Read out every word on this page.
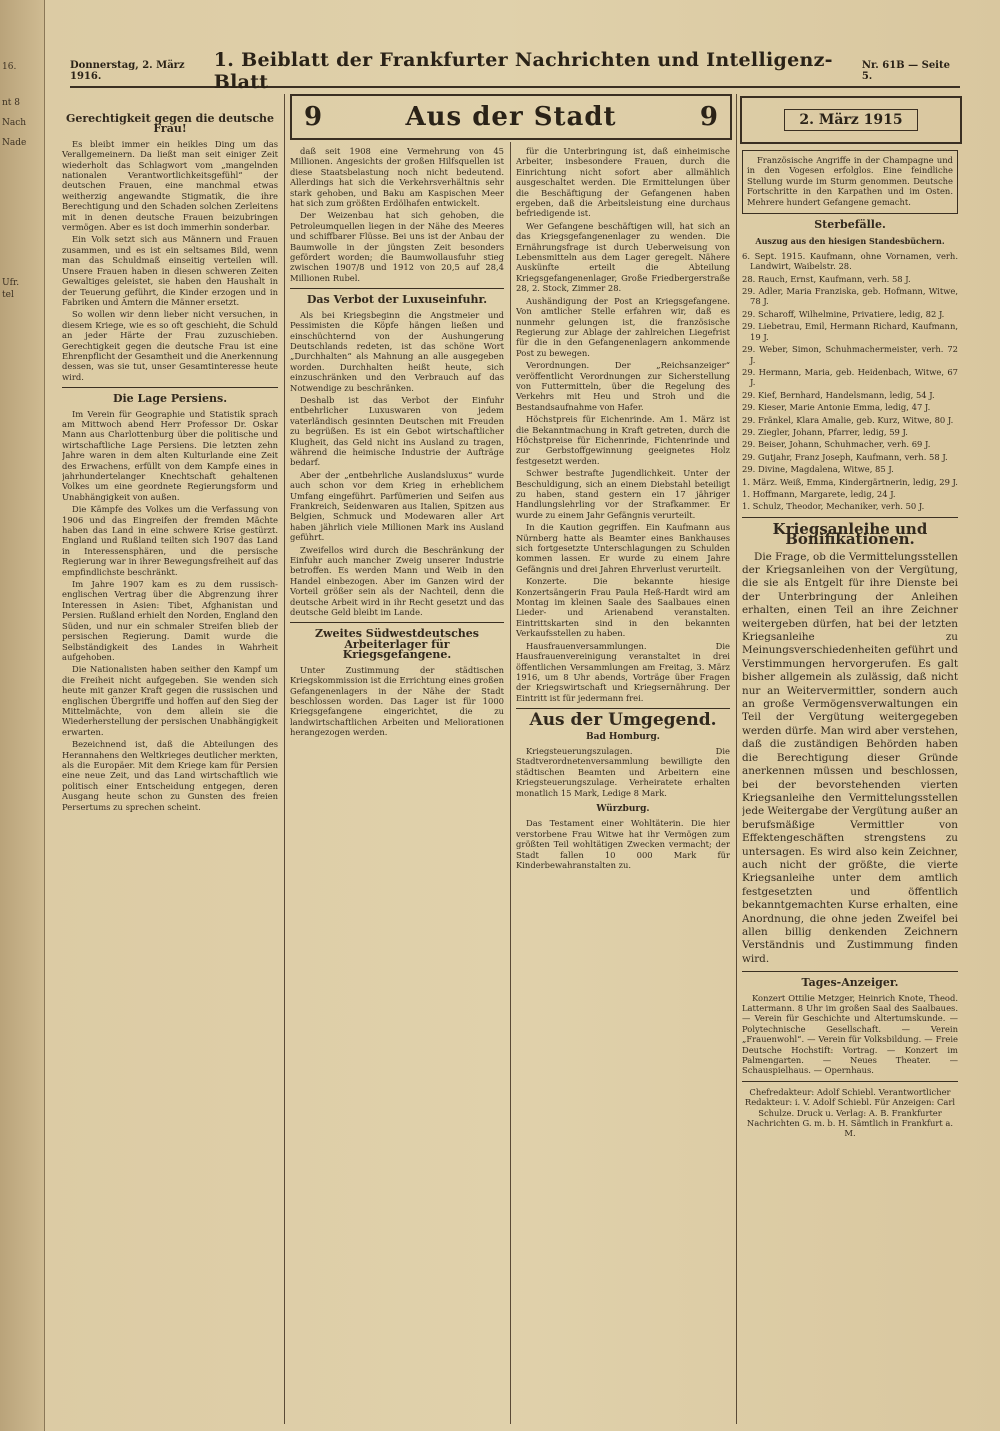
16.
nt 8
Nach
Nade
Ufr.
tel
Donnerstag, 2. März 1916.
1. Beiblatt der Frankfurter Nachrichten und Intelligenz-Blatt
Nr. 61B — Seite 5.
Gerechtigkeit gegen die deutsche Frau!

Es bleibt immer ein heikles Ding um das Verallgemeinern. Da ließt man seit einiger Zeit wiederholt das Schlagwort vom „mangelnden nationalen Verantwortlichkeitsgefühl“ der deutschen Frauen, eine manchmal etwas weitherzig angewandte Stigmatik, die ihre Berechtigung und den Schaden solchen Zerleitens mit in denen deutsche Frauen beizubringen vermögen. Aber es ist doch immerhin sonderbar.

Ein Volk setzt sich aus Männern und Frauen zusammen, und es ist ein seltsames Bild, wenn man das Schuldmaß einseitig verteilen will. Unsere Frauen haben in diesen schweren Zeiten Gewaltiges geleistet, sie haben den Haushalt in der Teuerung geführt, die Kinder erzogen und in Fabriken und Ämtern die Männer ersetzt.

So wollen wir denn lieber nicht versuchen, in diesem Kriege, wie es so oft geschieht, die Schuld an jeder Härte der Frau zuzuschieben. Gerechtigkeit gegen die deutsche Frau ist eine Ehrenpflicht der Gesamtheit und die Anerkennung dessen, was sie tut, unser Gesamtinteresse heute wird.

Die Lage Persiens.

Im Verein für Geographie und Statistik sprach am Mittwoch abend Herr Professor Dr. Oskar Mann aus Charlottenburg über die politische und wirtschaftliche Lage Persiens. Die letzten zehn Jahre waren in dem alten Kulturlande eine Zeit des Erwachens, erfüllt von dem Kampfe eines in jahrhundertelanger Knechtschaft gehaltenen Volkes um eine geordnete Regierungsform und Unabhängigkeit von außen.

Die Kämpfe des Volkes um die Verfassung von 1906 und das Eingreifen der fremden Mächte haben das Land in eine schwere Krise gestürzt. England und Rußland teilten sich 1907 das Land in Interessensphären, und die persische Regierung war in ihrer Bewegungsfreiheit auf das empfindlichste beschränkt.

Im Jahre 1907 kam es zu dem russisch-englischen Vertrag über die Abgrenzung ihrer Interessen in Asien: Tibet, Afghanistan und Persien. Rußland erhielt den Norden, England den Süden, und nur ein schmaler Streifen blieb der persischen Regierung. Damit wurde die Selbständigkeit des Landes in Wahrheit aufgehoben.

Die Nationalisten haben seither den Kampf um die Freiheit nicht aufgegeben. Sie wenden sich heute mit ganzer Kraft gegen die russischen und englischen Übergriffe und hoffen auf den Sieg der Mittelmächte, von dem allein sie die Wiederherstellung der persischen Unabhängigkeit erwarten.

Bezeichnend ist, daß die Abteilungen des Herannahens den Weltkrieges deutlicher merkten, als die Europäer. Mit dem Kriege kam für Persien eine neue Zeit, und das Land wirtschaftlich wie politisch einer Entscheidung entgegen, deren Ausgang heute schon zu Gunsten des freien Persertums zu sprechen scheint.

9	Aus der Stadt	9

daß seit 1908 eine Vermehrung von 45 Millionen. Angesichts der großen Hilfsquellen ist diese Staatsbelastung noch nicht bedeutend. Allerdings hat sich die Verkehrsverhältnis sehr stark gehoben, und Baku am Kaspischen Meer hat sich zum größten Erdölhafen entwickelt.

Der Weizenbau hat sich gehoben, die Petroleumquellen liegen in der Nähe des Meeres und schiffbarer Flüsse. Bei uns ist der Anbau der Baumwolle in der jüngsten Zeit besonders gefördert worden; die Baumwollausfuhr stieg zwischen 1907/8 und 1912 von 20,5 auf 28,4 Millionen Rubel.

Das Verbot der Luxuseinfuhr.

Als bei Kriegsbeginn die Angstmeier und Pessimisten die Köpfe hängen ließen und einschüchternd von der Aushungerung Deutschlands redeten, ist das schöne Wort „Durchhalten“ als Mahnung an alle ausgegeben worden. Durchhalten heißt heute, sich einzuschränken und den Verbrauch auf das Notwendige zu beschränken.

Deshalb ist das Verbot der Einfuhr entbehrlicher Luxuswaren von jedem vaterländisch gesinnten Deutschen mit Freuden zu begrüßen. Es ist ein Gebot wirtschaftlicher Klugheit, das Geld nicht ins Ausland zu tragen, während die heimische Industrie der Aufträge bedarf.

Aber der „entbehrliche Auslandsluxus“ wurde auch schon vor dem Krieg in erheblichem Umfang eingeführt. Parfümerien und Seifen aus Frankreich, Seidenwaren aus Italien, Spitzen aus Belgien, Schmuck und Modewaren aller Art haben jährlich viele Millionen Mark ins Ausland geführt.

Zweifellos wird durch die Beschränkung der Einfuhr auch mancher Zweig unserer Industrie betroffen. Es werden Mann und Weib in den Handel einbezogen. Aber im Ganzen wird der Vorteil größer sein als der Nachteil, denn die deutsche Arbeit wird in ihr Recht gesetzt und das deutsche Geld bleibt im Lande.

Zweites Südwestdeutsches Arbeiterlager für Kriegsgefangene.

Unter Zustimmung der städtischen Kriegskommission ist die Errichtung eines großen Gefangenenlagers in der Nähe der Stadt beschlossen worden. Das Lager ist für 1000 Kriegsgefangene eingerichtet, die zu landwirtschaftlichen Arbeiten und Meliorationen herangezogen werden.

für die Unterbringung ist, daß einheimische Arbeiter, insbesondere Frauen, durch die Einrichtung nicht sofort aber allmählich ausgeschaltet werden. Die Ermittelungen über die Beschäftigung der Gefangenen haben ergeben, daß die Arbeitsleistung eine durchaus befriedigende ist.

Wer Gefangene beschäftigen will, hat sich an das Kriegsgefangenenlager zu wenden. Die Ernährungsfrage ist durch Ueberweisung von Lebensmitteln aus dem Lager geregelt. Nähere Auskünfte erteilt die Abteilung Kriegsgefangenenlager, Große Friedbergerstraße 28, 2. Stock, Zimmer 28.

Aushändigung der Post an Kriegsgefangene. Von amtlicher Stelle erfahren wir, daß es nunmehr gelungen ist, die französische Regierung zur Ablage der zahlreichen Liegefrist für die in den Gefangenenlagern ankommende Post zu bewegen.

Verordnungen. Der „Reichsanzeiger“ veröffentlicht Verordnungen zur Sicherstellung von Futtermitteln, über die Regelung des Verkehrs mit Heu und Stroh und die Bestandsaufnahme von Hafer.

Höchstpreis für Eichenrinde. Am 1. März ist die Bekanntmachung in Kraft getreten, durch die Höchstpreise für Eichenrinde, Fichtenrinde und zur Gerbstoffgewinnung geeignetes Holz festgesetzt werden.

Schwer bestrafte Jugendlichkeit. Unter der Beschuldigung, sich an einem Diebstahl beteiligt zu haben, stand gestern ein 17 jähriger Handlungslehrling vor der Strafkammer. Er wurde zu einem Jahr Gefängnis verurteilt.

In die Kaution gegriffen. Ein Kaufmann aus Nürnberg hatte als Beamter eines Bankhauses sich fortgesetzte Unterschlagungen zu Schulden kommen lassen. Er wurde zu einem Jahre Gefängnis und drei Jahren Ehrverlust verurteilt.

Konzerte. Die bekannte hiesige Konzertsängerin Frau Paula Heß-Hardt wird am Montag im kleinen Saale des Saalbaues einen Lieder- und Arienabend veranstalten. Eintrittskarten sind in den bekannten Verkaufsstellen zu haben.

Hausfrauenversammlungen. Die Hausfrauenvereinigung veranstaltet in drei öffentlichen Versammlungen am Freitag, 3. März 1916, um 8 Uhr abends, Vorträge über Fragen der Kriegswirtschaft und Kriegsernährung. Der Eintritt ist für jedermann frei.

Aus der Umgegend.
Bad Homburg.

Kriegsteuerungszulagen. Die Stadtverordnetenversammlung bewilligte den städtischen Beamten und Arbeitern eine Kriegsteuerungszulage. Verheiratete erhalten monatlich 15 Mark, Ledige 8 Mark.

Würzburg.

Das Testament einer Wohltäterin. Die hier verstorbene Frau Witwe hat ihr Vermögen zum größten Teil wohltätigen Zwecken vermacht; der Stadt fallen 10 000 Mark für Kinderbewahranstalten zu.

2. März 1915

Französische Angriffe in der Champagne und in den Vogesen erfolglos. Eine feindliche Stellung wurde im Sturm genommen. Deutsche Fortschritte in den Karpathen und im Osten. Mehrere hundert Gefangene gemacht.

Sterbefälle.
Auszug aus den hiesigen Standesbüchern.

6. Sept. 1915. Kaufmann, ohne Vornamen, verh. Landwirt, Waibelstr. 28.

28. Rauch, Ernst, Kaufmann, verh. 58 J.

29. Adler, Maria Franziska, geb. Hofmann, Witwe, 78 J.

29. Scharoff, Wilhelmine, Privatiere, ledig, 82 J.

29. Liebetrau, Emil, Hermann Richard, Kaufmann, 19 J.

29. Weber, Simon, Schuhmachermeister, verh. 72 J.

29. Hermann, Maria, geb. Heidenbach, Witwe, 67 J.

29. Kief, Bernhard, Handelsmann, ledig, 54 J.

29. Kieser, Marie Antonie Emma, ledig, 47 J.

29. Fränkel, Klara Amalie, geb. Kurz, Witwe, 80 J.

29. Ziegler, Johann, Pfarrer, ledig, 59 J.

29. Beiser, Johann, Schuhmacher, verh. 69 J.

29. Gutjahr, Franz Joseph, Kaufmann, verh. 58 J.

29. Divine, Magdalena, Witwe, 85 J.

1. März. Weiß, Emma, Kindergärtnerin, ledig, 29 J.

1. Hoffmann, Margarete, ledig, 24 J.

1. Schulz, Theodor, Mechaniker, verh. 50 J.

Kriegsanleihe und Bonifikationen.

Die Frage, ob die Vermittelungsstellen der Kriegsanleihen von der Vergütung, die sie als Entgelt für ihre Dienste bei der Unterbringung der Anleihen erhalten, einen Teil an ihre Zeichner weitergeben dürfen, hat bei der letzten Kriegsanleihe zu Meinungsverschiedenheiten geführt und Verstimmungen hervorgerufen. Es galt bisher allgemein als zulässig, daß nicht nur an Weitervermittler, sondern auch an große Vermögensverwaltungen ein Teil der Vergütung weitergegeben werden dürfe. Man wird aber verstehen, daß die zuständigen Behörden haben die Berechtigung dieser Gründe anerkennen müssen und beschlossen, bei der bevorstehenden vierten Kriegsanleihe den Vermittelungsstellen jede Weitergabe der Vergütung außer an berufsmäßige Vermittler von Effektengeschäften strengstens zu untersagen. Es wird also kein Zeichner, auch nicht der größte, die vierte Kriegsanleihe unter dem amtlich festgesetzten und öffentlich bekanntgemachten Kurse erhalten, eine Anordnung, die ohne jeden Zweifel bei allen billig denkenden Zeichnern Verständnis und Zustimmung finden wird.

Tages-Anzeiger.

Konzert Ottilie Metzger, Heinrich Knote, Theod. Lattermann. 8 Uhr im großen Saal des Saalbaues. — Verein für Geschichte und Altertumskunde. — Polytechnische Gesellschaft. — Verein „Frauenwohl“. — Verein für Volksbildung. — Freie Deutsche Hochstift: Vortrag. — Konzert im Palmengarten. — Neues Theater. — Schauspielhaus. — Opernhaus.

Chefredakteur: Adolf Schiebl. Verantwortlicher Redakteur: i. V. Adolf Schiebl. Für Anzeigen: Carl Schulze. Druck u. Verlag: A. B. Frankfurter Nachrichten G. m. b. H. Sämtlich in Frankfurt a. M.
